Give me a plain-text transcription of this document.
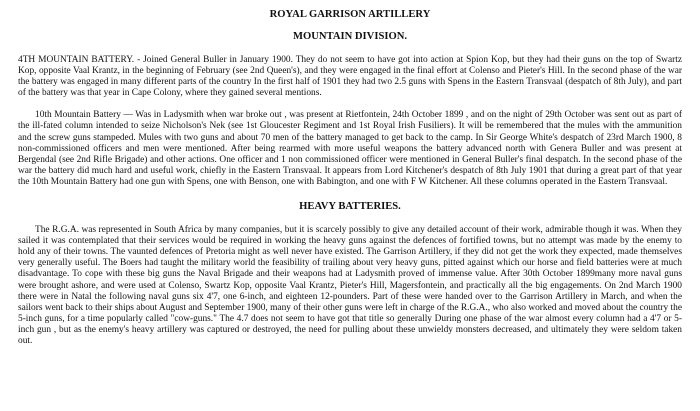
ROYAL GARRISON ARTILLERY
MOUNTAIN DIVISION.

4TH MOUNTAIN BATTERY. - Joined General Buller in January 1900. They do not seem to have got into action at Spion Kop, but they had their guns on the top of Swartz Kop, opposite Vaal Krantz, in the beginning of February (see 2nd Queen's), and they were engaged in the final effort at Colenso and Pieter's Hill. In the second phase of the war the battery was engaged in many different parts of the country In the first half of 1901 they had two 2.5 guns with Spens in the Eastern Transvaal (despatch of 8th July), and part of the battery was that year in Cape Colony, where they gained several mentions.

10th Mountain Battery — Was in Ladysmith when war broke out , was present at Rietfontein, 24th October 1899 , and on the night of 29th October was sent out as part of the ill-fated column intended to seize Nicholson's Nek (see 1st Gloucester Regiment and 1st Royal Irish Fusiliers). It will be remembered that the mules with the ammunition and the screw guns stampeded. Mules with two guns and about 70 men of the battery managed to get back to the camp. In Sir George White's despatch of 23rd March 1900, 8 non-commissioned officers and men were mentioned. After being rearmed with more useful weapons the battery advanced north with Genera Buller and was present at Bergendal (see 2nd Rifle Brigade) and other actions. One officer and 1 non commissioned officer were mentioned in General Buller's final despatch. In the second phase of the war the battery did much hard and useful work, chiefly in the Eastern Transvaal. It appears from Lord Kitchener's despatch of 8th July 1901 that during a great part of that year the 10th Mountain Battery had one gun with Spens, one with Benson, one with Babington, and one with F W Kitchener. All these columns operated in the Eastern Transvaal.

HEAVY BATTERIES.

The R.G.A. was represented in South Africa by many companies, but it is scarcely possibly to give any detailed account of their work, admirable though it was. When they sailed it was contemplated that their services would be required in working the heavy guns against the defences of fortified towns, but no attempt was made by the enemy to hold any of their towns. The vaunted defences of Pretoria might as well never have existed. The Garrison Artillery, if they did not get the work they expected, made themselves very generally useful. The Boers had taught the military world the feasibility of trailing about very heavy guns, pitted against which our horse and field batteries were at much disadvantage. To cope with these big guns the Naval Brigade and their weapons had at Ladysmith proved of immense value. After 30th October 1899many more naval guns were brought ashore, and were used at Colenso, Swartz Kop, opposite Vaal Krantz, Pieter's Hill, Magersfontein, and practically all the big engagements. On 2nd March 1900 there were in Natal the following naval guns six 4'7, one 6-inch, and eighteen 12-pounders. Part of these were handed over to the Garrison Artillery in March, and when the sailors went back to their ships about August and September 1900, many of their other guns were left in charge of the R.G.A., who also worked and moved about the country the 5-inch guns, for a time popularly called "cow-guns." The 4.7 does not seem to have got that title so generally During one phase of the war almost every column had a 4'7 or 5-inch gun , but as the enemy's heavy artillery was captured or destroyed, the need for pulling about these unwieldy monsters decreased, and ultimately they were seldom taken out.
